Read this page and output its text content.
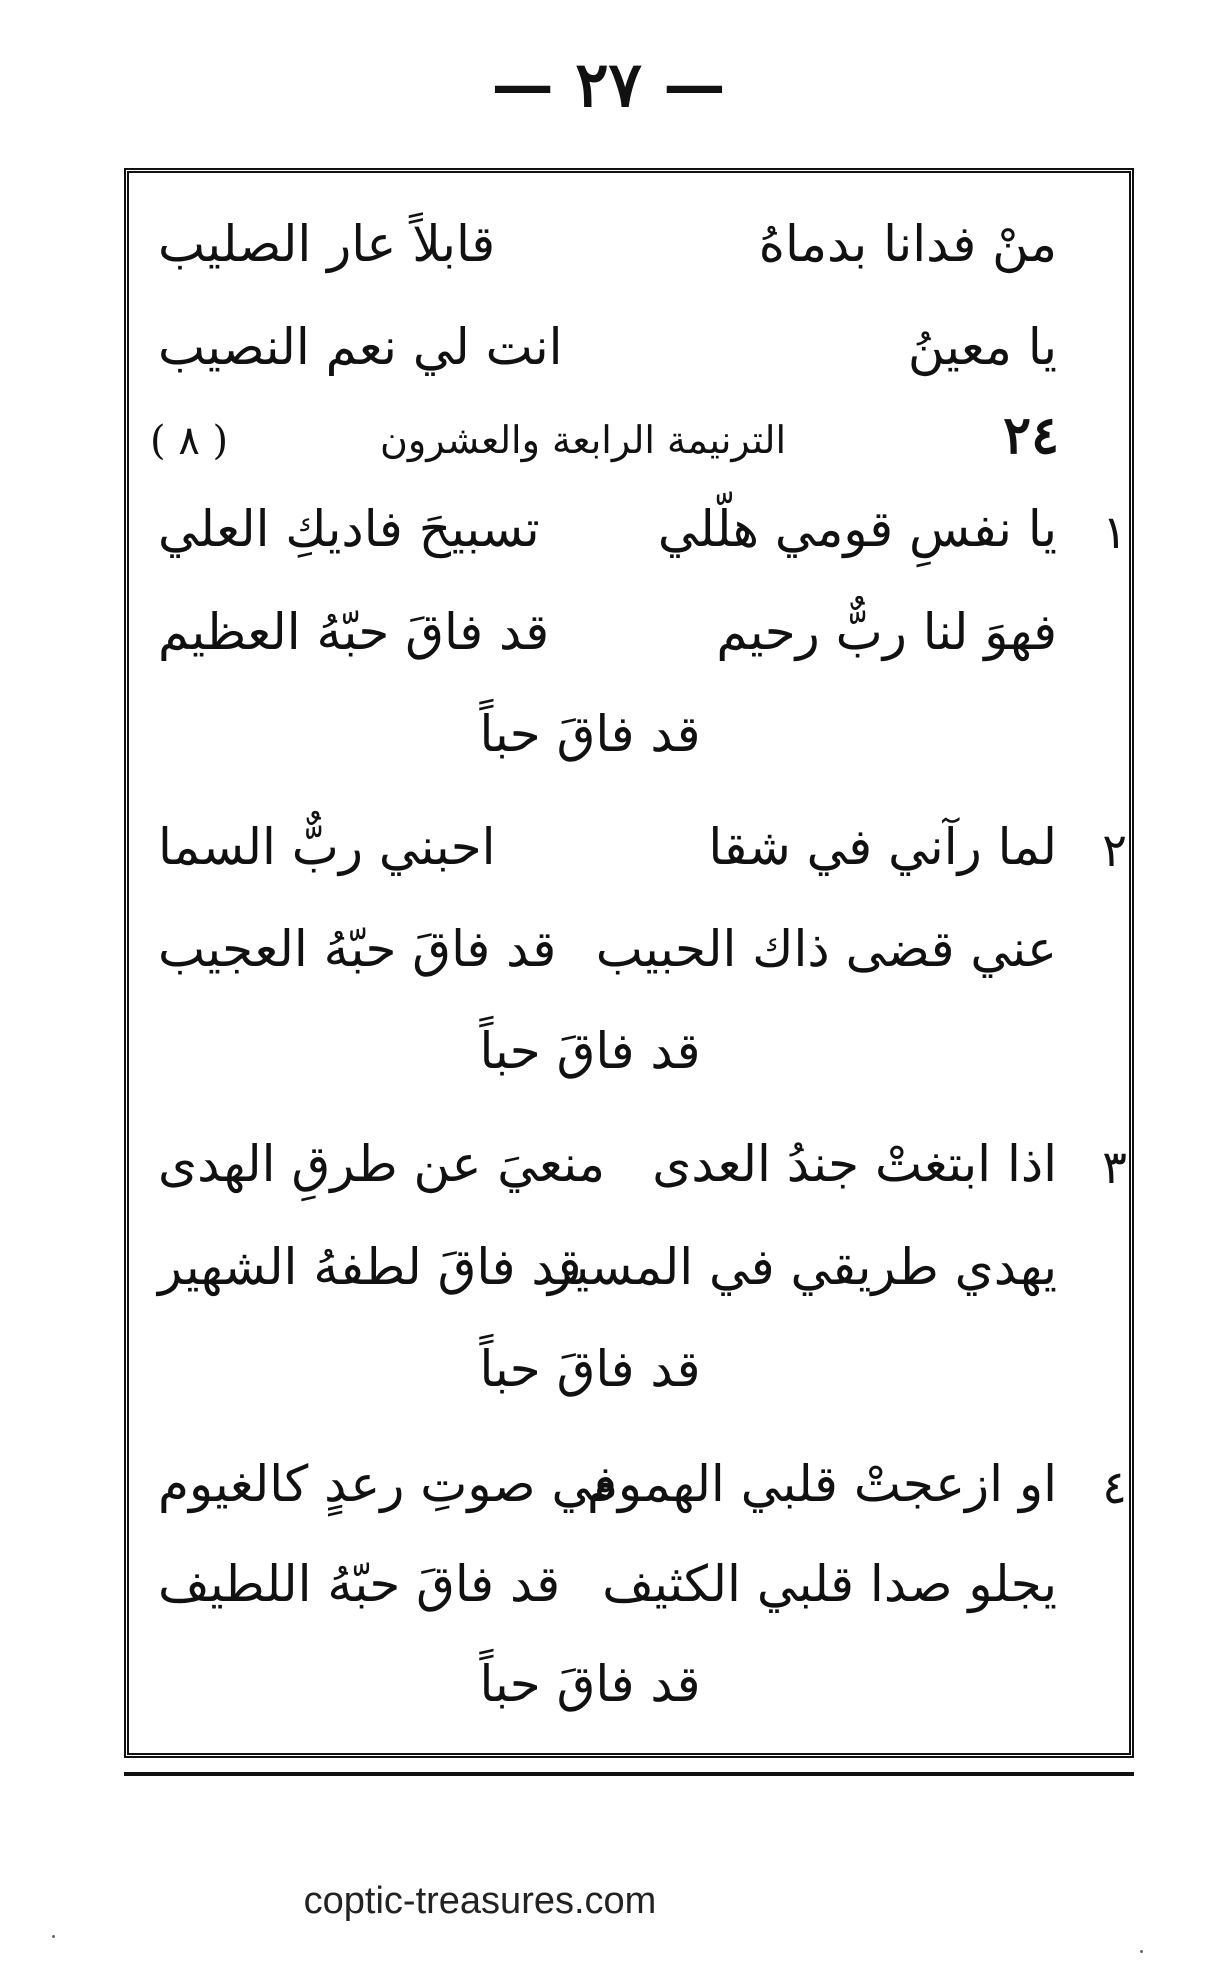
— ٢٧ —
منْ فدانا بدماهُ
قابلاً عار الصليب
يا معينُ
انت لي نعم النصيب
٢٤
الترنيمة الرابعة والعشرون
( ٨ )
١
يا نفسِ قومي هلّلي
تسبيحَ فاديكِ العلي
فهوَ لنا ربٌّ رحيم
قد فاقَ حبّهُ العظيم
قد فاقَ حباً
٢
لما رآني في شقا
احبني ربٌّ السما
عني قضى ذاك الحبيب
قد فاقَ حبّهُ العجيب
قد فاقَ حباً
٣
اذا ابتغتْ جندُ العدى
منعيَ عن طرقِ الهدى
يهدي طريقي في المسير
قد فاقَ لطفهُ الشهير
قد فاقَ حباً
٤
او ازعجتْ قلبي الهموم
في صوتِ رعدٍ كالغيوم
يجلو صدا قلبي الكثيف
قد فاقَ حبّهُ اللطيف
قد فاقَ حباً
coptic-treasures.com
